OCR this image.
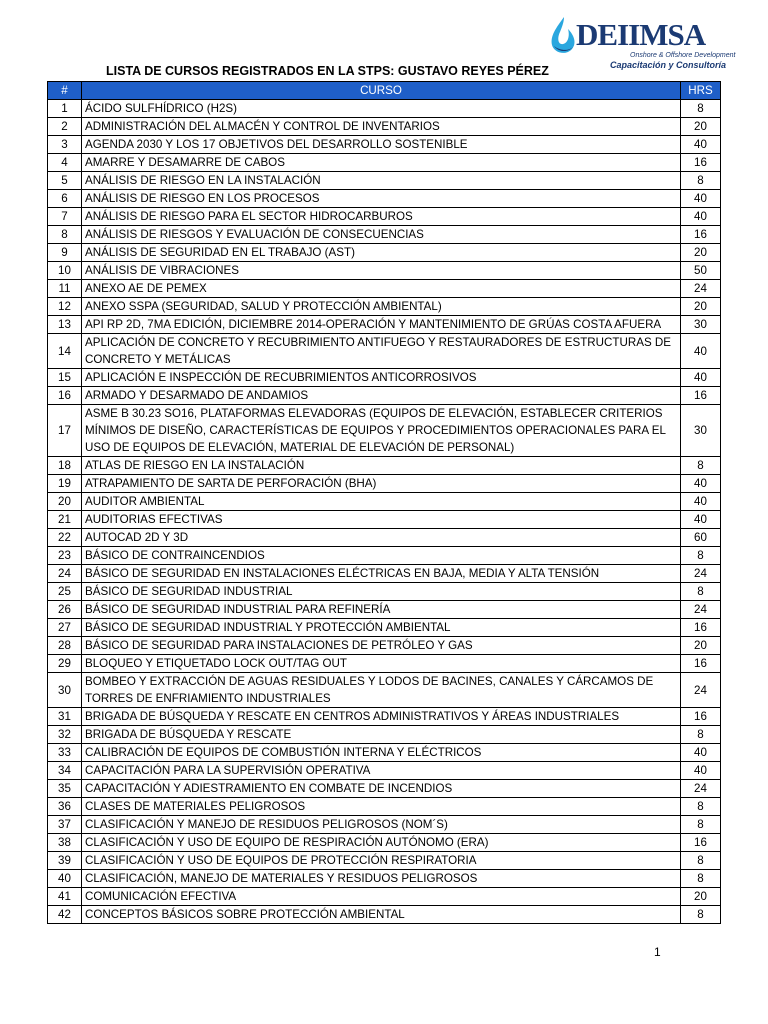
DEIIMSA
Onshore & Offshore Development
Capacitación y Consultoría
LISTA DE CURSOS REGISTRADOS EN LA STPS: GUSTAVO REYES PÉREZ
#	CURSO	HRS
1	ÁCIDO SULFHÍDRICO (H2S)	8
2	ADMINISTRACIÓN DEL ALMACÉN Y CONTROL DE INVENTARIOS	20
3	AGENDA 2030 Y LOS 17 OBJETIVOS DEL DESARROLLO SOSTENIBLE	40
4	AMARRE Y DESAMARRE DE CABOS	16
5	ANÁLISIS DE RIESGO EN LA INSTALACIÓN	8
6	ANÁLISIS DE RIESGO EN LOS PROCESOS	40
7	ANÁLISIS DE RIESGO PARA EL SECTOR HIDROCARBUROS	40
8	ANÁLISIS DE RIESGOS Y EVALUACIÓN DE CONSECUENCIAS	16
9	ANÁLISIS DE SEGURIDAD EN EL TRABAJO (AST)	20
10	ANÁLISIS DE VIBRACIONES	50
11	ANEXO AE DE PEMEX	24
12	ANEXO SSPA (SEGURIDAD, SALUD Y PROTECCIÓN AMBIENTAL)	20
13	API RP 2D, 7MA EDICIÓN, DICIEMBRE 2014-OPERACIÓN Y MANTENIMIENTO DE GRÚAS COSTA AFUERA	30
14	APLICACIÓN DE CONCRETO Y RECUBRIMIENTO ANTIFUEGO Y RESTAURADORES DE ESTRUCTURAS DE CONCRETO Y METÁLICAS	40
15	APLICACIÓN E INSPECCIÓN DE RECUBRIMIENTOS ANTICORROSIVOS	40
16	ARMADO Y DESARMADO DE ANDAMIOS	16
17	ASME B 30.23 SO16, PLATAFORMAS ELEVADORAS (EQUIPOS DE ELEVACIÓN, ESTABLECER CRITERIOS MÍNIMOS DE DISEÑO, CARACTERÍSTICAS DE EQUIPOS Y PROCEDIMIENTOS OPERACIONALES PARA EL USO DE EQUIPOS DE ELEVACIÓN, MATERIAL DE ELEVACIÓN DE PERSONAL)	30
18	ATLAS DE RIESGO EN LA INSTALACIÓN	8
19	ATRAPAMIENTO DE SARTA DE PERFORACIÓN (BHA)	40
20	AUDITOR AMBIENTAL	40
21	AUDITORIAS EFECTIVAS	40
22	AUTOCAD 2D Y 3D	60
23	BÁSICO DE CONTRAINCENDIOS	8
24	BÁSICO DE SEGURIDAD EN INSTALACIONES ELÉCTRICAS EN BAJA, MEDIA Y ALTA TENSIÓN	24
25	BÁSICO DE SEGURIDAD INDUSTRIAL	8
26	BÁSICO DE SEGURIDAD INDUSTRIAL PARA REFINERÍA	24
27	BÁSICO DE SEGURIDAD INDUSTRIAL Y PROTECCIÓN AMBIENTAL	16
28	BÁSICO DE SEGURIDAD PARA INSTALACIONES DE PETRÓLEO Y GAS	20
29	BLOQUEO Y ETIQUETADO LOCK OUT/TAG OUT	16
30	BOMBEO Y EXTRACCIÓN DE AGUAS RESIDUALES Y LODOS DE BACINES, CANALES Y CÁRCAMOS DE TORRES DE ENFRIAMIENTO INDUSTRIALES	24
31	BRIGADA DE BÚSQUEDA Y RESCATE EN CENTROS ADMINISTRATIVOS Y ÁREAS INDUSTRIALES	16
32	BRIGADA DE BÚSQUEDA Y RESCATE	8
33	CALIBRACIÓN DE EQUIPOS DE COMBUSTIÓN INTERNA Y ELÉCTRICOS	40
34	CAPACITACIÓN PARA LA SUPERVISIÓN OPERATIVA	40
35	CAPACITACIÓN Y ADIESTRAMIENTO EN COMBATE DE INCENDIOS	24
36	CLASES DE MATERIALES PELIGROSOS	8
37	CLASIFICACIÓN Y MANEJO DE RESIDUOS PELIGROSOS (NOM´S)	8
38	CLASIFICACIÓN Y USO DE EQUIPO DE RESPIRACIÓN AUTÓNOMO (ERA)	16
39	CLASIFICACIÓN Y USO DE EQUIPOS DE PROTECCIÓN RESPIRATORIA	8
40	CLASIFICACIÓN, MANEJO DE MATERIALES Y RESIDUOS PELIGROSOS	8
41	COMUNICACIÓN EFECTIVA	20
42	CONCEPTOS BÁSICOS SOBRE PROTECCIÓN AMBIENTAL	8
1
